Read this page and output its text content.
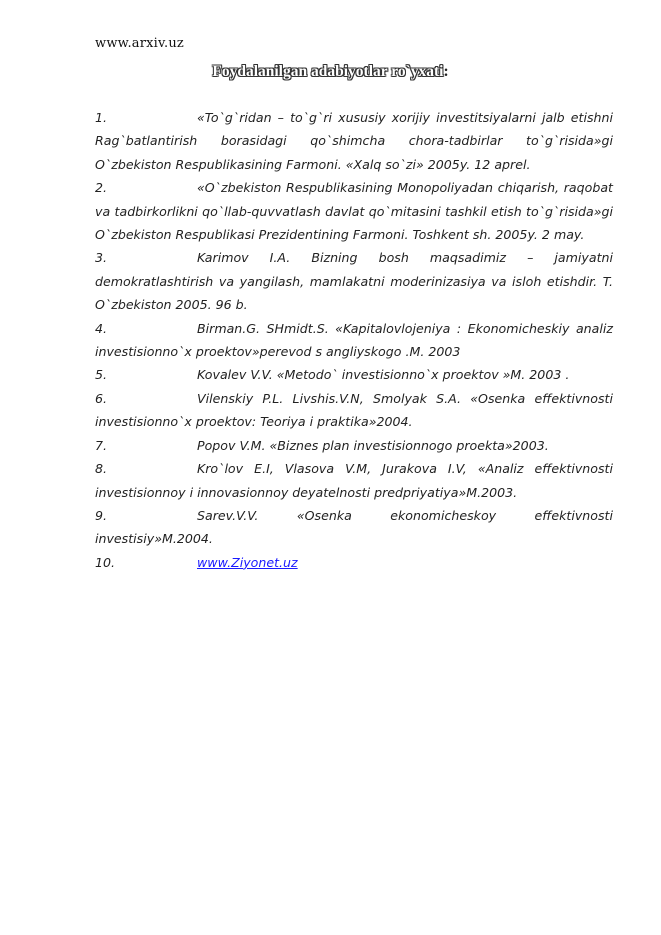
www.arxiv.uz
Foydalanilgan adabiyotlar ro`yxati:
1.	«To`g`ridan – to`g`ri xususiy xorijiy investitsiyalarni jalb etishni Rag`batlantirish borasidagi qo`shimcha chora-tadbirlar to`g`risida»gi O`zbekiston Respublikasining Farmoni. «Xalq so`zi» 2005y. 12 aprel.
2.	«O`zbekiston Respublikasining Monopoliyadan chiqarish, raqobat va tadbirkorlikni qo`llab-quvvatlash davlat qo`mitasini tashkil etish to`g`risida»gi O`zbekiston Respublikasi Prezidentining Farmoni. Toshkent sh. 2005y. 2 may.
3.	Karimov I.A. Bizning bosh maqsadimiz – jamiyatni demokratlashtirish va yangilash, mamlakatni moderinizasiya va isloh etishdir. T. O`zbekiston 2005. 96 b.
4.	Birman.G. SHmidt.S. «Kapitalovlojeniya : Ekonomicheskiy analiz investisionno`x proektov»perevod s angliyskogo .M. 2003
5.	Kovalev V.V. «Metodo` investisionno`x proektov »M. 2003 .
6.	Vilenskiy P.L. Livshis.V.N, Smolyak S.A. «Osenka effektivnosti investisionno`x proektov: Teoriya i praktika»2004.
7.	Popov V.M. «Biznes plan investisionnogo proekta»2003.
8.	Kro`lov E.I, Vlasova V.M, Jurakova I.V, «Analiz effektivnosti investisionnoy i innovasionnoy deyatelnosti predpriyatiya»M.2003.
9.	Sarev.V.V. «Osenka ekonomicheskoy effektivnosti investisiy»M.2004.
10.	www.Ziyonet.uz
